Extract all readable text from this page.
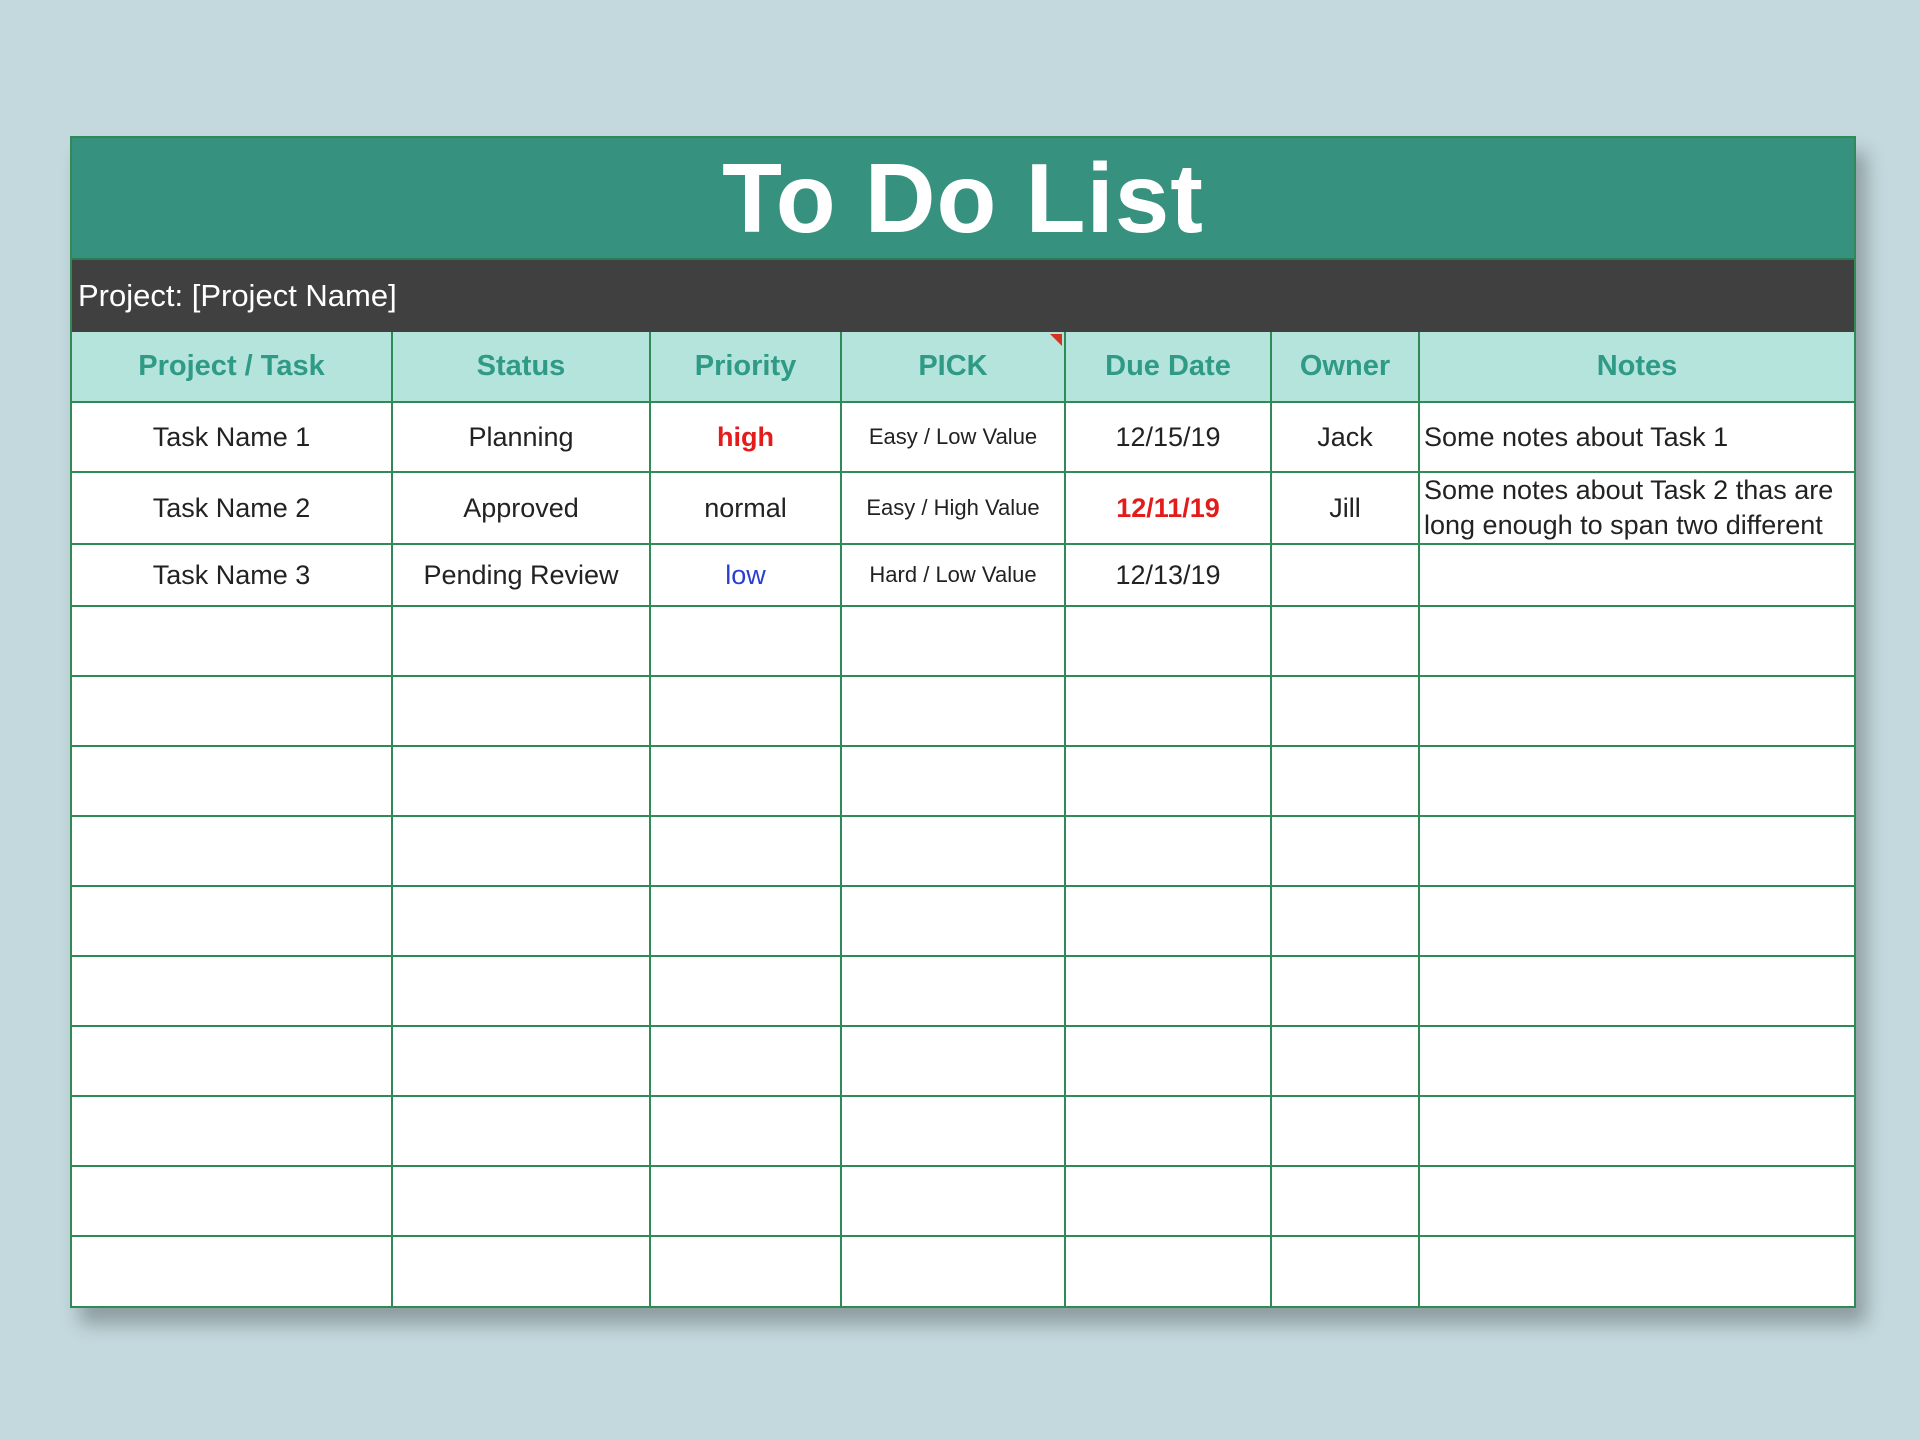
To Do List
Project: [Project Name]
Project / Task	Status	Priority	PICK	Due Date	Owner	Notes
Task Name 1	Planning	high	Easy / Low Value	12/15/19	Jack	Some notes about Task 1
Task Name 2	Approved	normal	Easy / High Value	12/11/19	Jill	Some notes about Task 2 thas are long enough to span two different
Task Name 3	Pending Review	low	Hard / Low Value	12/13/19		
